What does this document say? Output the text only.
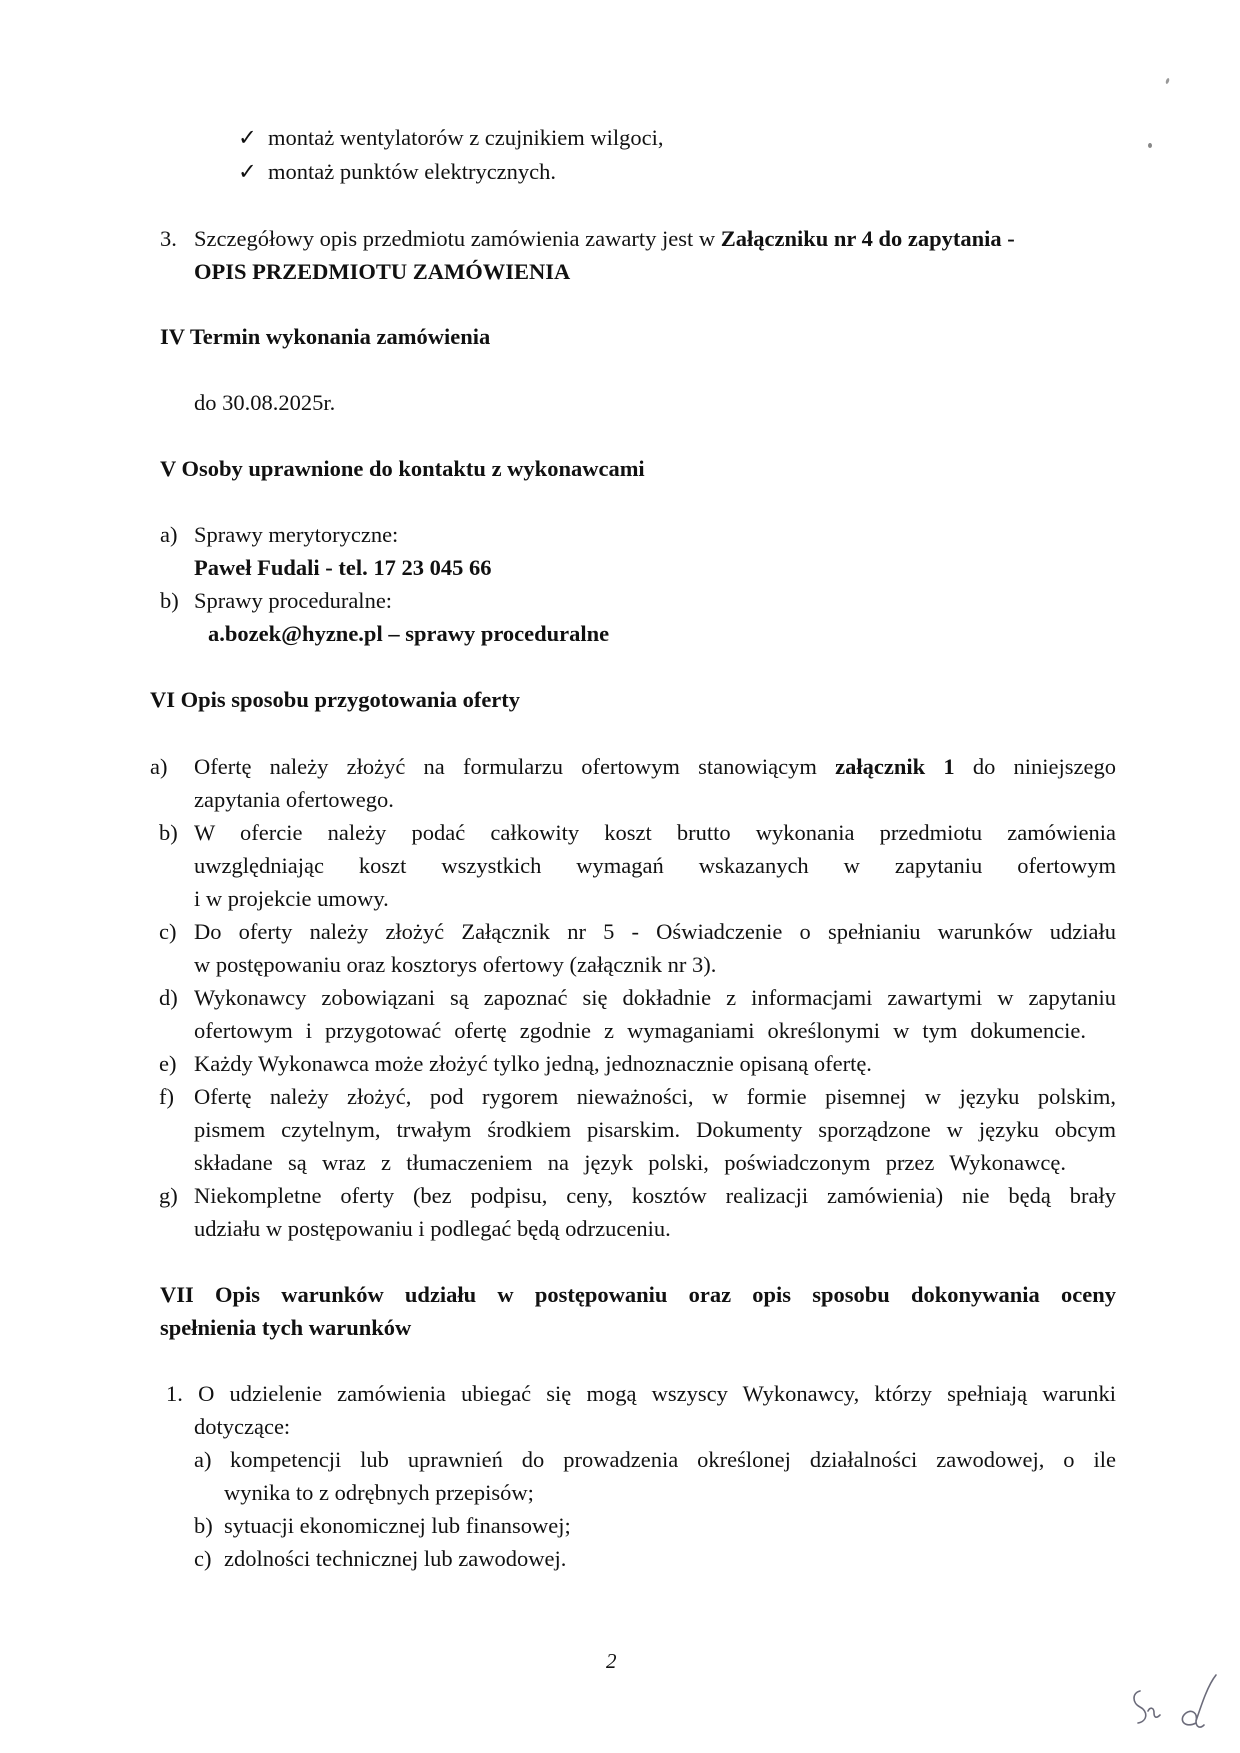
✓ montaż wentylatorów z czujnikiem wilgoci,
✓ montaż punktów elektrycznych.
3. Szczegółowy opis przedmiotu zamówienia zawarty jest w Załączniku nr 4 do zapytania -
OPIS PRZEDMIOTU ZAMÓWIENIA
IV Termin wykonania zamówienia
do 30.08.2025r.
V Osoby uprawnione do kontaktu z wykonawcami
a) Sprawy merytoryczne:
Paweł Fudali - tel. 17 23 045 66
b) Sprawy proceduralne:
a.bozek@hyzne.pl – sprawy proceduralne
VI Opis sposobu przygotowania oferty
a) Ofertę należy złożyć na formularzu ofertowym stanowiącym załącznik 1 do niniejszego
zapytania ofertowego.
b) W ofercie należy podać całkowity koszt brutto wykonania przedmiotu zamówienia
uwzględniając koszt wszystkich wymagań wskazanych w zapytaniu ofertowym
i w projekcie umowy.
c) Do oferty należy złożyć Załącznik nr 5 - Oświadczenie o spełnianiu warunków udziału
w postępowaniu oraz kosztorys ofertowy (załącznik nr 3).
d) Wykonawcy zobowiązani są zapoznać się dokładnie z informacjami zawartymi w zapytaniu
ofertowym i przygotować ofertę zgodnie z wymaganiami określonymi w tym dokumencie.
e) Każdy Wykonawca może złożyć tylko jedną, jednoznacznie opisaną ofertę.
f) Ofertę należy złożyć, pod rygorem nieważności, w formie pisemnej w języku polskim,
pismem czytelnym, trwałym środkiem pisarskim. Dokumenty sporządzone w języku obcym
składane są wraz z tłumaczeniem na język polski, poświadczonym przez Wykonawcę.
g) Niekompletne oferty (bez podpisu, ceny, kosztów realizacji zamówienia) nie będą brały
udziału w postępowaniu i podlegać będą odrzuceniu.
VII Opis warunków udziału w postępowaniu oraz opis sposobu dokonywania oceny
spełnienia tych warunków
1. O udzielenie zamówienia ubiegać się mogą wszyscy Wykonawcy, którzy spełniają warunki
dotyczące:
a) kompetencji lub uprawnień do prowadzenia określonej działalności zawodowej, o ile
wynika to z odrębnych przepisów;
b) sytuacji ekonomicznej lub finansowej;
c) zdolności technicznej lub zawodowej.
2
